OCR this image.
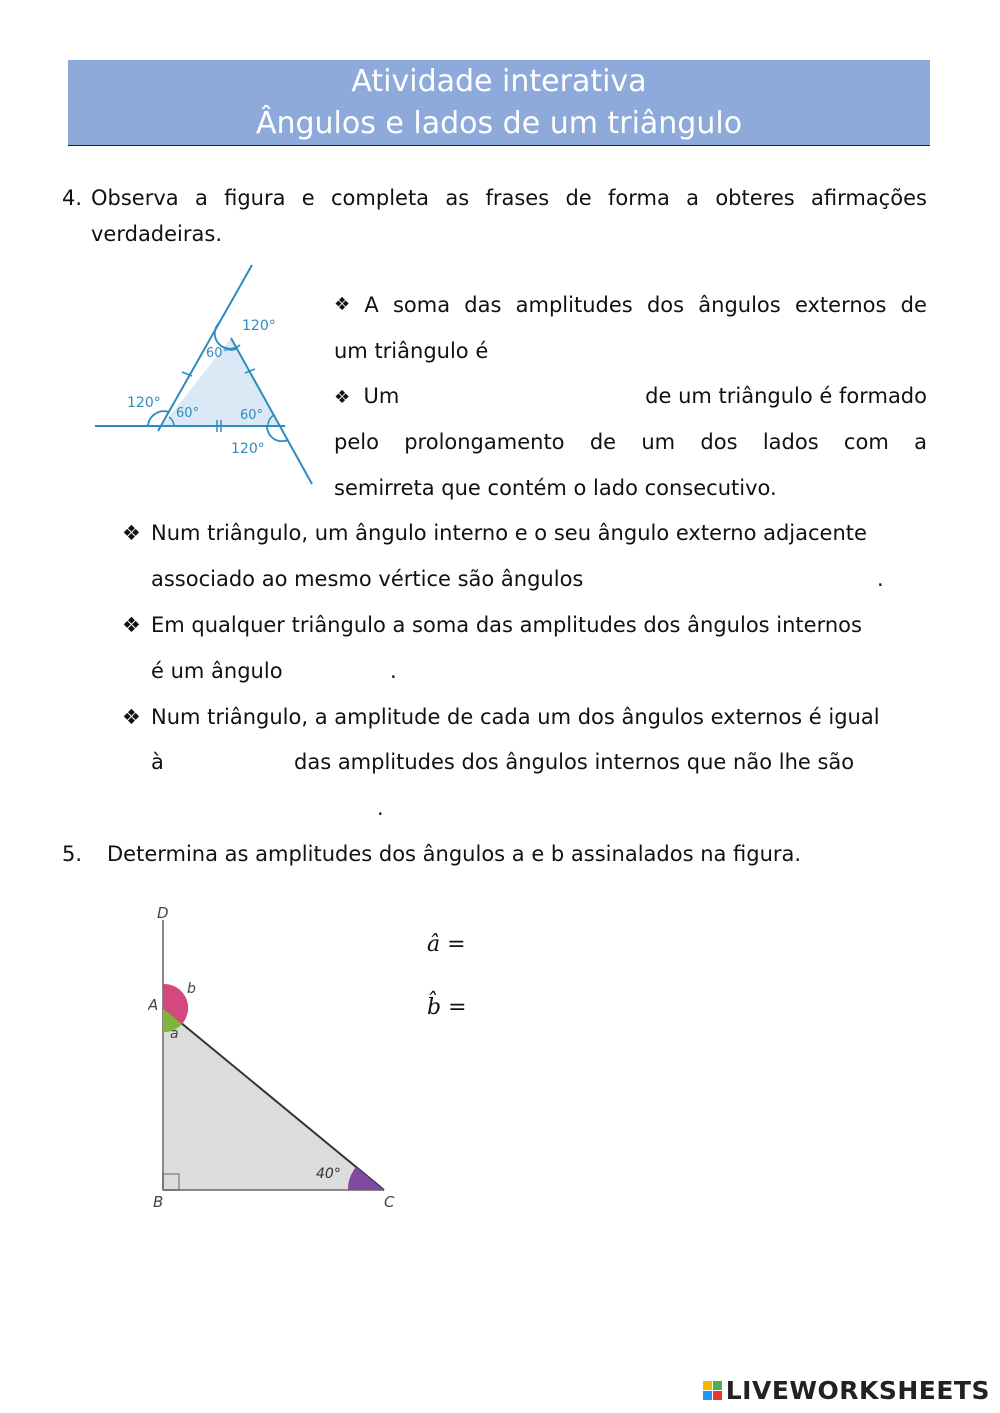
Atividade interativa
Ângulos e lados de um triângulo
4. Observa a figura e completa as frases de forma a obteres afirmações
verdadeiras.
120°
60°
120°
60°	60°
120°
❖ A soma das amplitudes dos ângulos externos de
um triângulo é
❖ Um	de um triângulo é formado
pelo prolongamento de um dos lados com a
semirreta que contém o lado consecutivo.
❖ Num triângulo, um ângulo interno e o seu ângulo externo adjacente
associado ao mesmo vértice são ângulos	.
❖ Em qualquer triângulo a soma das amplitudes dos ângulos internos
é um ângulo	.
❖ Num triângulo, a amplitude de cada um dos ângulos externos é igual
à	das amplitudes dos ângulos internos que não lhe são
.
5. Determina as amplitudes dos ângulos a e b assinalados na figura.
D
A
b
a
B	C
40°
â =
b̂ =
LIVEWORKSHEETS
